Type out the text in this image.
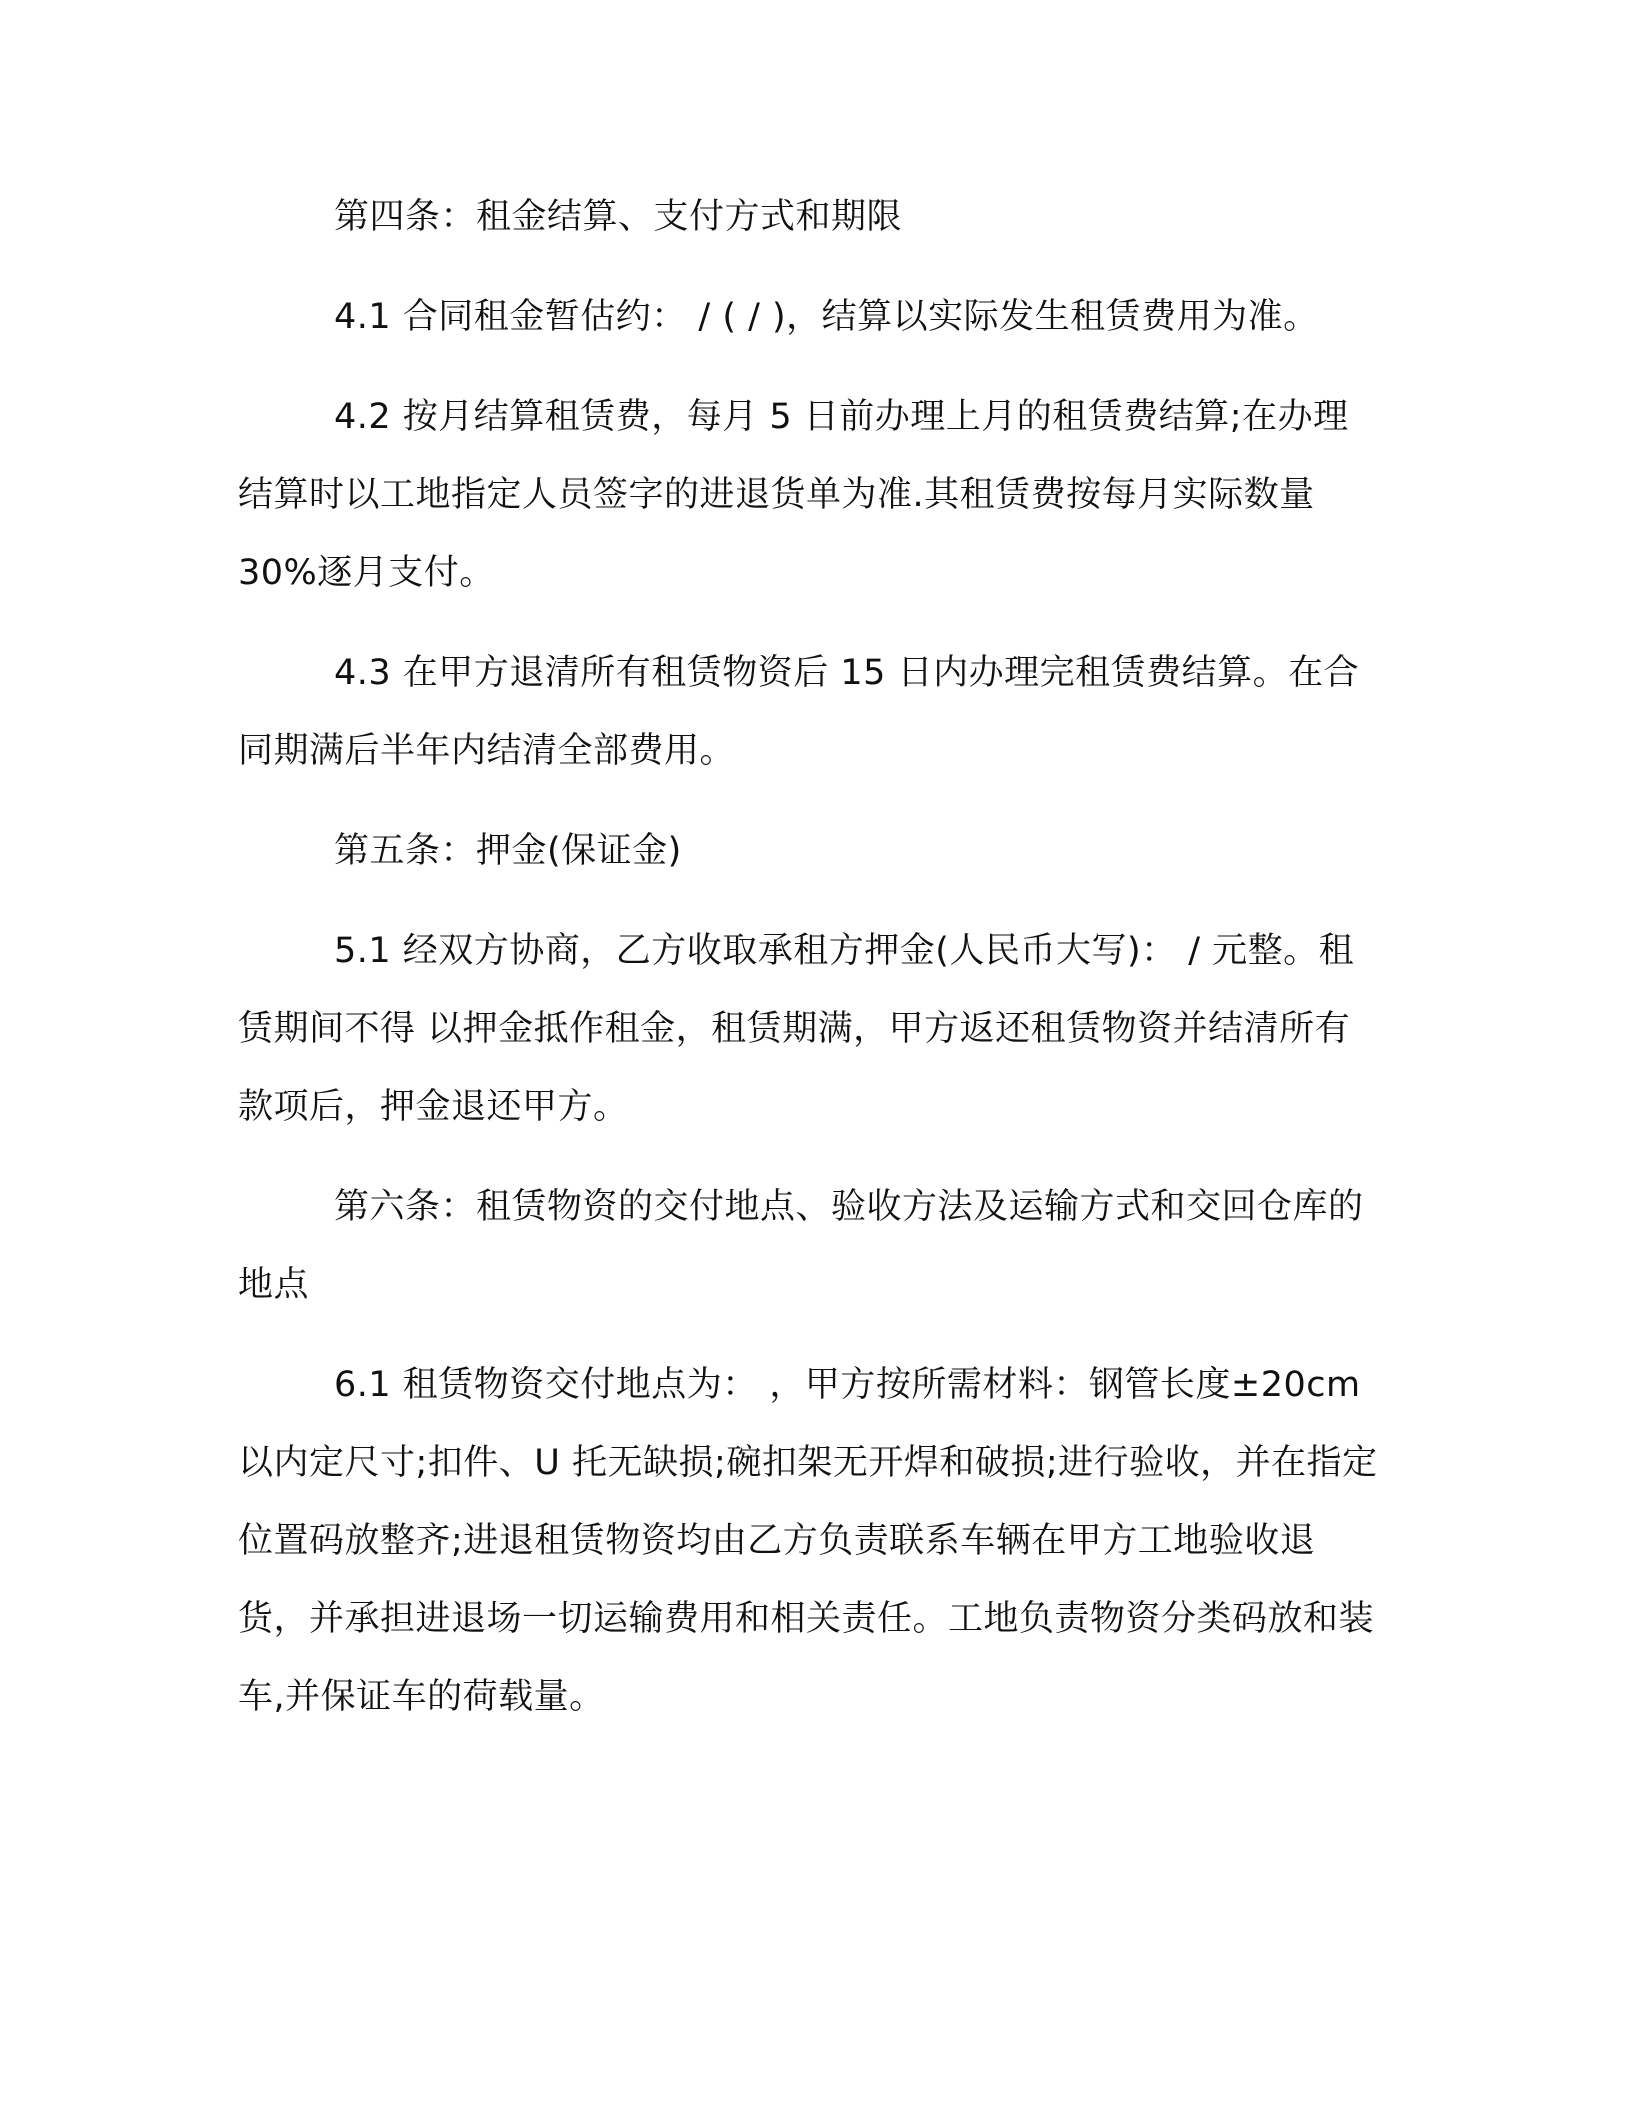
第四条：租金结算、支付方式和期限

4.1 合同租金暂估约： / ( / )，结算以实际发生租赁费用为准。

4.2 按月结算租赁费，每月 5 日前办理上月的租赁费结算;在办理结算时以工地指定人员签字的进退货单为准.其租赁费按每月实际数量 30%逐月支付。

4.3 在甲方退清所有租赁物资后 15 日内办理完租赁费结算。在合同期满后半年内结清全部费用。

第五条：押金(保证金)

5.1 经双方协商，乙方收取承租方押金(人民币大写)： / 元整。租赁期间不得 以押金抵作租金，租赁期满，甲方返还租赁物资并结清所有款项后，押金退还甲方。

第六条：租赁物资的交付地点、验收方法及运输方式和交回仓库的地点

6.1 租赁物资交付地点为： ，甲方按所需材料：钢管长度±20cm 以内定尺寸;扣件、U 托无缺损;碗扣架无开焊和破损;进行验收，并在指定位置码放整齐;进退租赁物资均由乙方负责联系车辆在甲方工地验收退货，并承担进退场一切运输费用和相关责任。工地负责物资分类码放和装车,并保证车的荷载量。
